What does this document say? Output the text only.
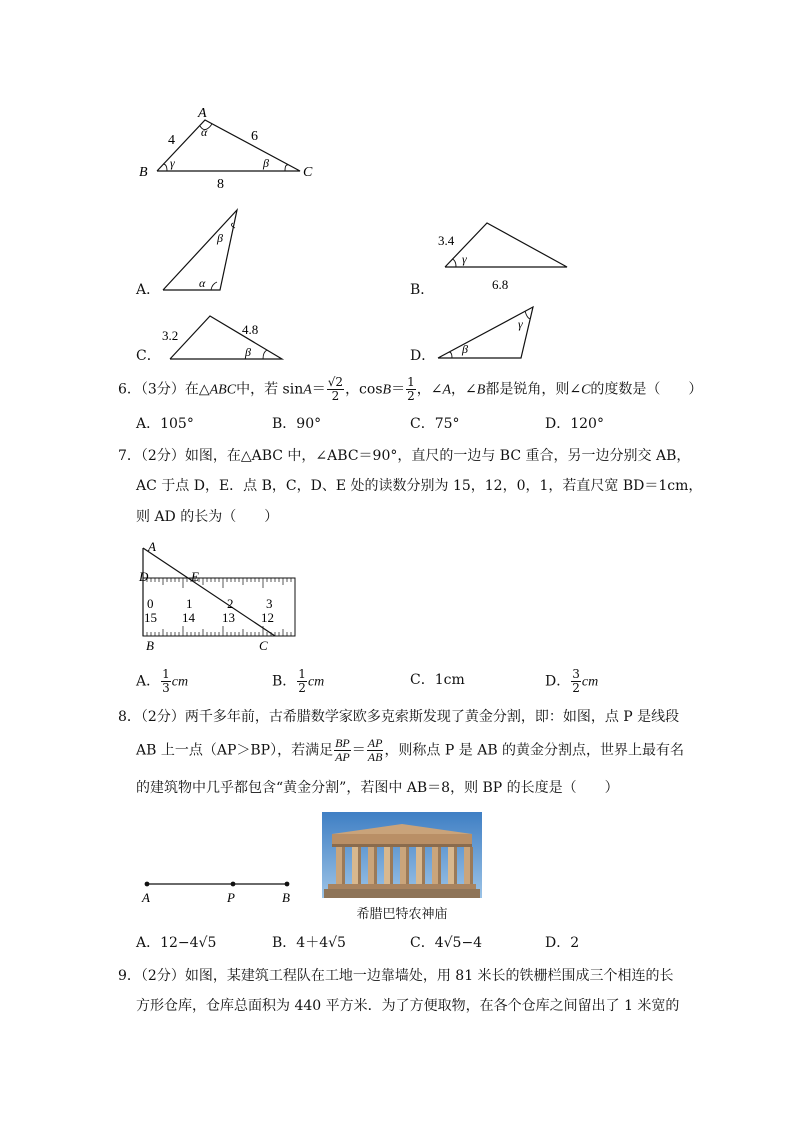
A
B	C
4	6
8
α
γ	β
A．
β
α	B．
3.4
6.8
γ
C．
3.2	4.8
β	D．
γ
β
6．（3分）在△ABC中，若 $\sin A= \frac{√2}{2}$ ，$\cos B= \frac{1}{2}$ ，∠A，∠B都是锐角，则∠C的度数是（　　）
A．105°	B．90°	C．75°	D．120°
7．（2分）如图，在△ABC 中，∠ABC＝90°，直尺的一边与 BC 重合，另一边分别交 AB，
AC 于点 D，E．点 B，C，D、E 处的读数分别为 15，12，0，1，若直尺宽 BD＝1cm，
则 AD 的长为（　　）
A
D	E
B	C
0	1	2	3
15 14 13 12
A． $\frac{1}{3}$ cm	B． $\frac{1}{2}$ cm	C．1cm	D． $\frac{3}{2}$ cm
8．（2分）两千多年前，古希腊数学家欧多克索斯发现了黄金分割，即：如图，点 P 是线段
AB 上一点（AP＞BP），若满足 $\frac{BP}{AP} = \frac{AP}{AB}$ ，则称点 P 是 AB 的黄金分割点，世界上最有名
的建筑物中几乎都包含“黄金分割”，若图中 AB＝8，则 BP 的长度是（　　）
A	P	B
希腊巴特农神庙
A．12−4√5	B．4＋4√5	C．4√5−4	D．2
9．（2分）如图，某建筑工程队在工地一边靠墙处，用 81 米长的铁栅栏围成三个相连的长
方形仓库，仓库总面积为 440 平方米．为了方便取物，在各个仓库之间留出了 1 米宽的
